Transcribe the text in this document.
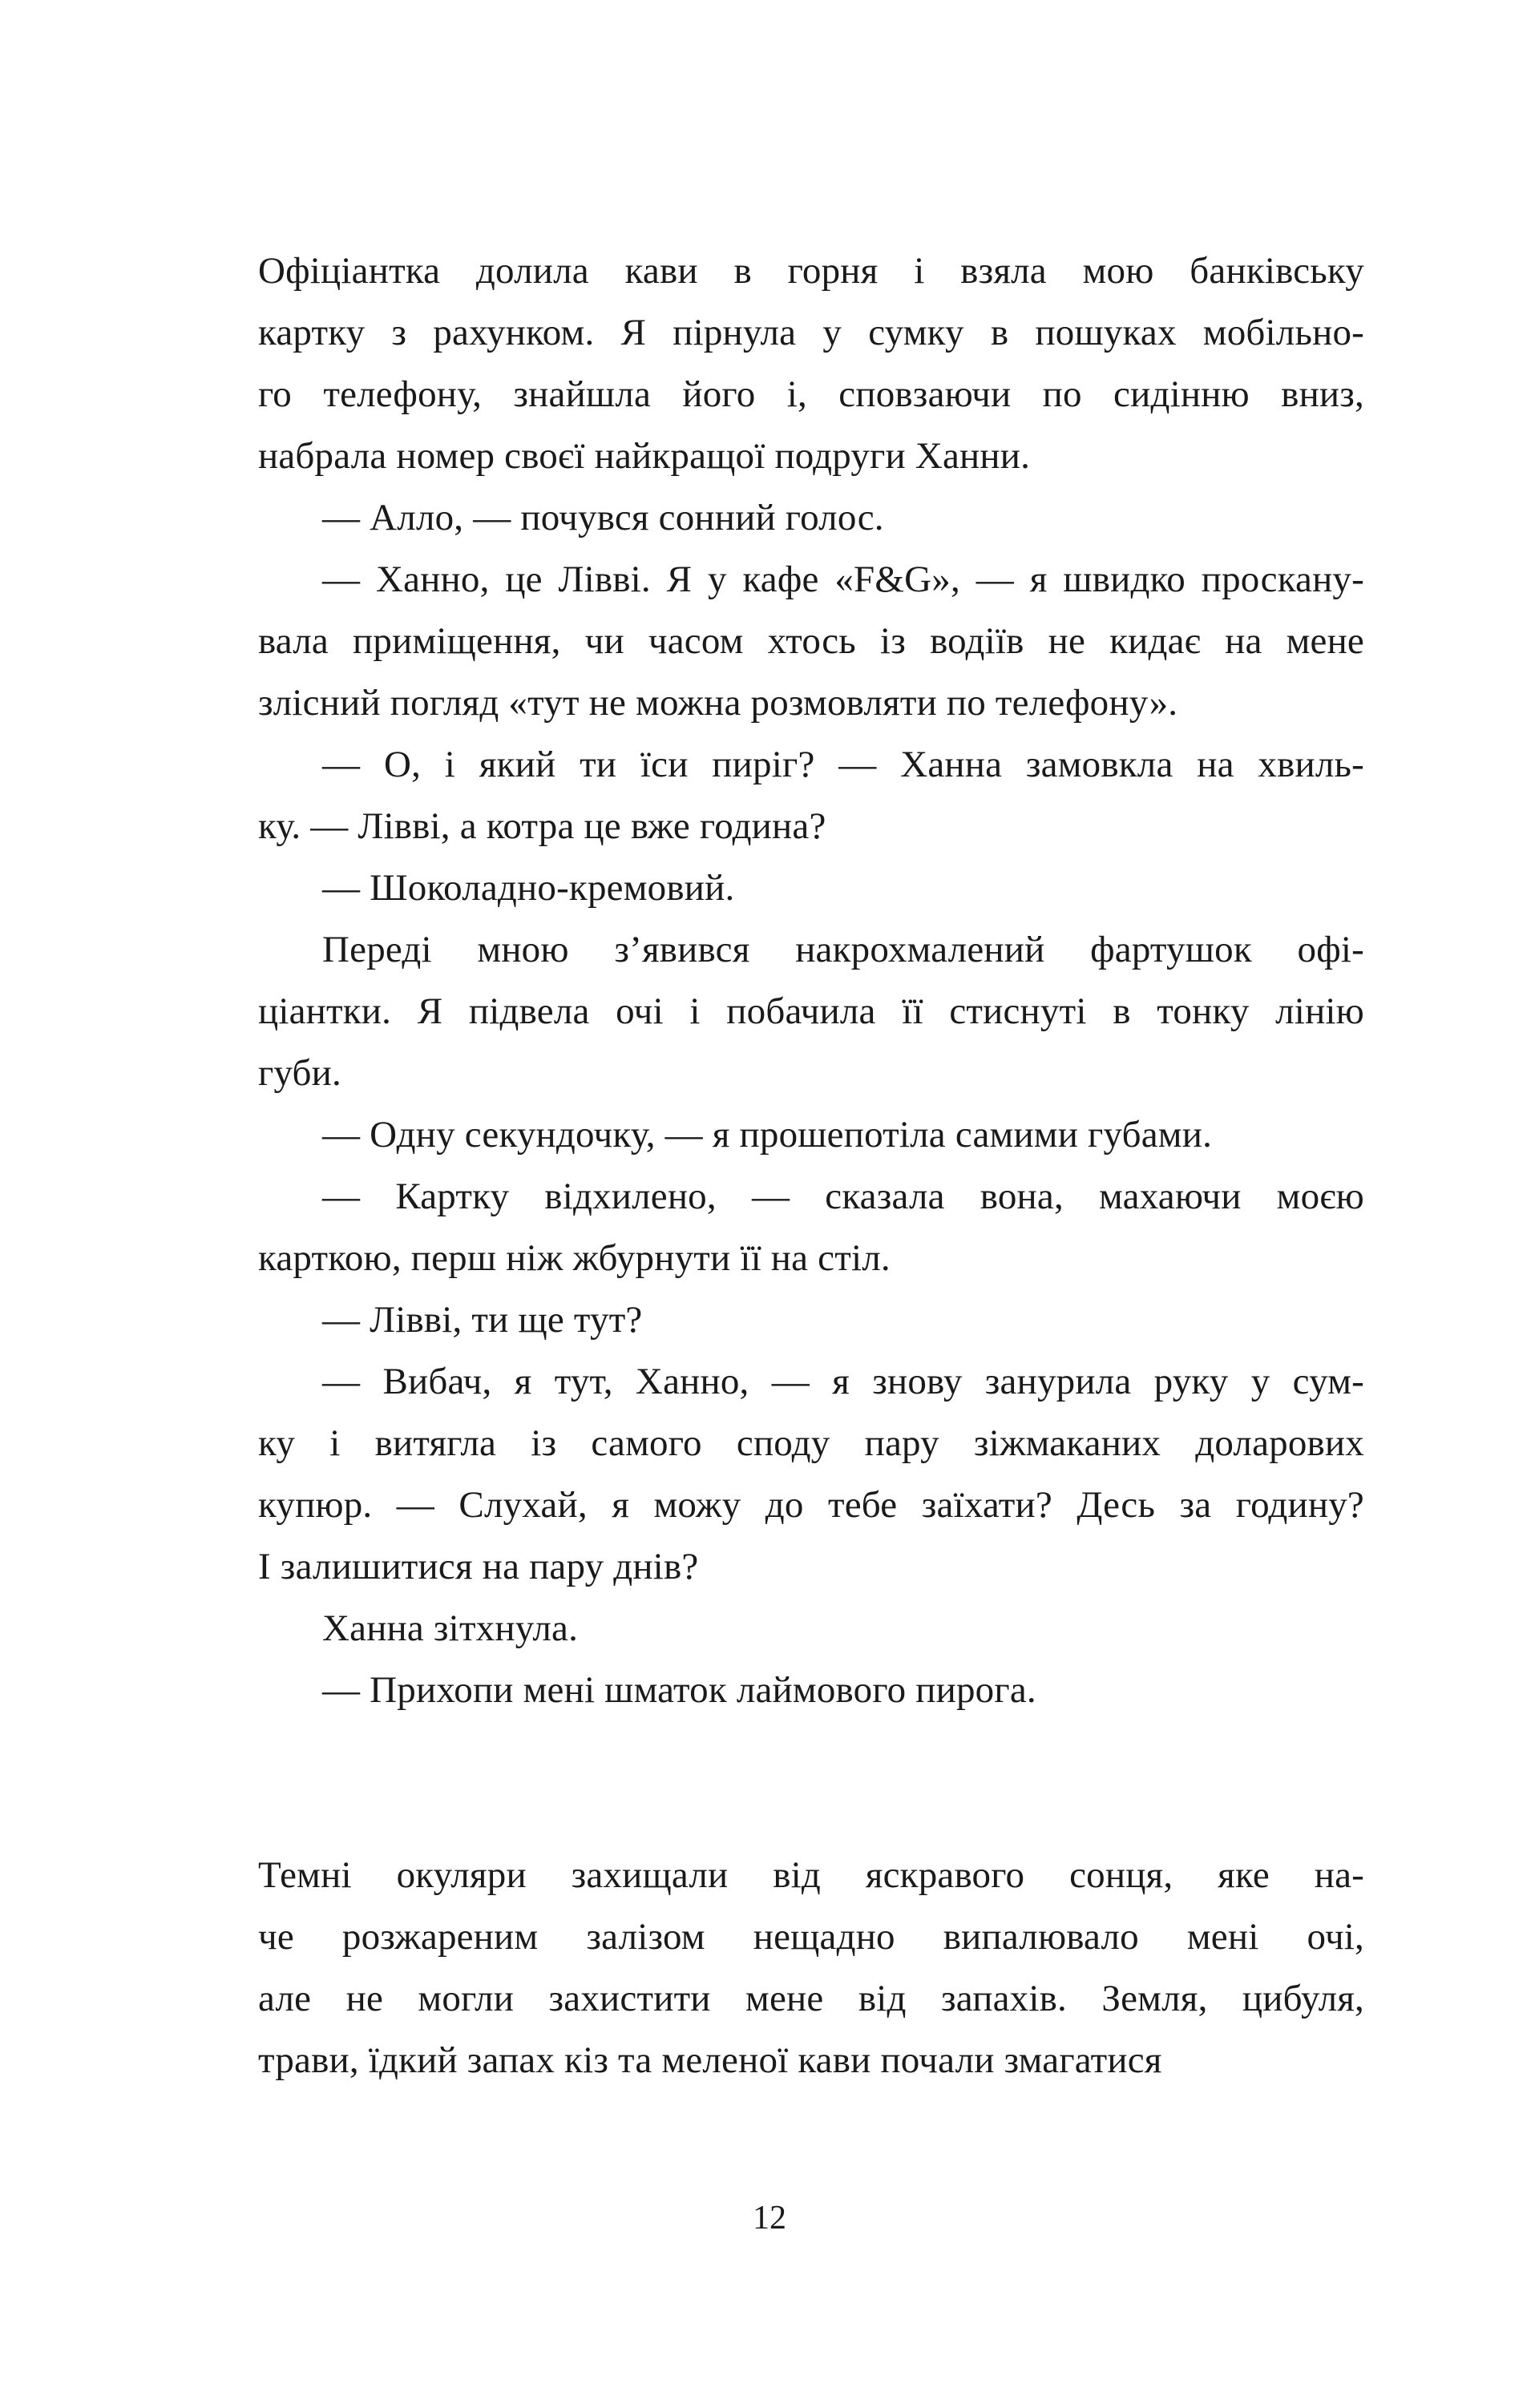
Офіціантка долила кави в горня і взяла мою банківську
картку з рахунком. Я пірнула у сумку в пошуках мобільно-
го телефону, знайшла його і, сповзаючи по сидінню вниз,
набрала номер своєї найкращої подруги Ханни.
— Алло, — почувся сонний голос.
— Ханно, це Лівві. Я у кафе «F&G», — я швидко проскану-
вала приміщення, чи часом хтось із водіїв не кидає на мене
злісний погляд «тут не можна розмовляти по телефону».
— О, і який ти їси пиріг? — Ханна замовкла на хвиль-
ку. — Лівві, а котра це вже година?
— Шоколадно-кремовий.
Переді мною з’явився накрохмалений фартушок офі-
ціантки. Я підвела очі і побачила її стиснуті в тонку лінію
губи.
— Одну секундочку, — я прошепотіла самими губами.
— Картку відхилено, — сказала вона, махаючи моєю
карткою, перш ніж жбурнути її на стіл.
— Лівві, ти ще тут?
— Вибач, я тут, Ханно, — я знову занурила руку у сум-
ку і витягла із самого споду пару зіжмаканих доларових
купюр. — Слухай, я можу до тебе заїхати? Десь за годину?
І залишитися на пару днів?
Ханна зітхнула.
— Прихопи мені шматок лаймового пирога.
Темні окуляри захищали від яскравого сонця, яке на-
че розжареним залізом нещадно випалювало мені очі,
але не могли захистити мене від запахів. Земля, цибуля,
трави, їдкий запах кіз та меленої кави почали змагатися
12
